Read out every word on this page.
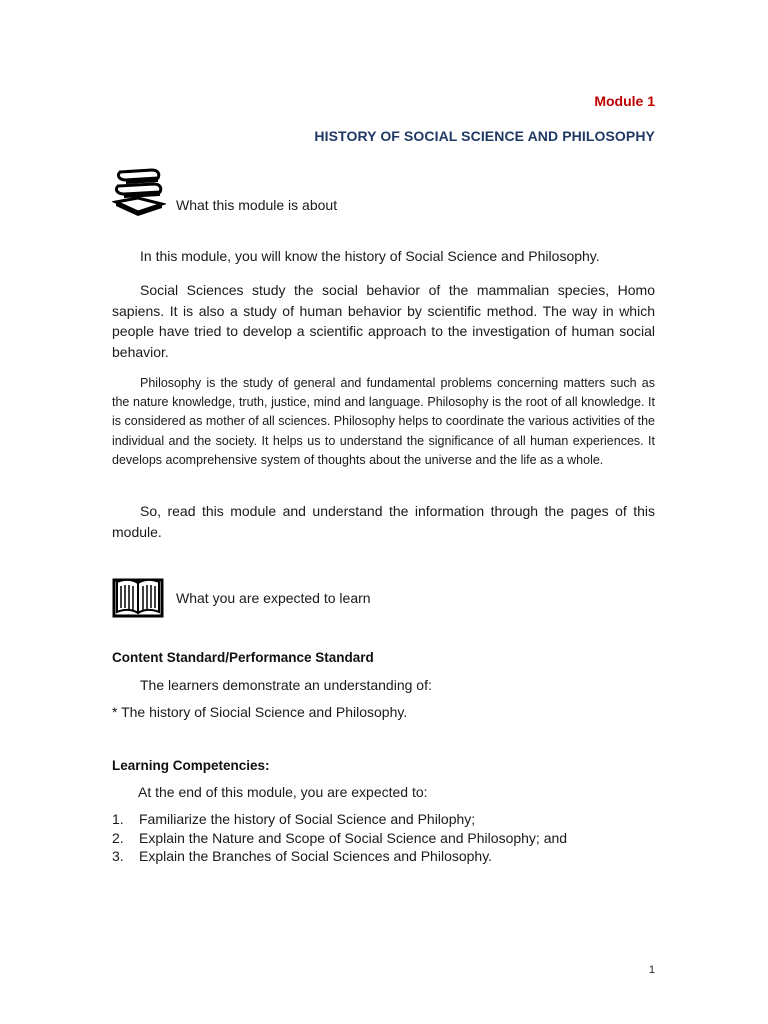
Module 1
HISTORY OF SOCIAL SCIENCE AND PHILOSOPHY
What this module is about
In this module, you will know the history of Social Science and Philosophy.
Social Sciences study the social behavior of the mammalian species, Homo sapiens. It is also a study of human behavior by scientific method. The way in which people have tried to develop a scientific approach to the investigation of human social behavior.
Philosophy is the study of general and fundamental problems concerning matters such as the nature knowledge, truth, justice, mind and language. Philosophy is the root of all knowledge. It is considered as mother of all sciences. Philosophy helps to coordinate the various activities of the individual and the society. It helps us to understand the significance of all human experiences. It develops acomprehensive system of thoughts about the universe and the life as a whole.
So, read this module and understand the information through the pages of this module.
What you are expected to learn
Content Standard/Performance Standard
The learners demonstrate an understanding of:
* The history of Siocial Science and Philosophy.
Learning Competencies:
At the end of this module, you are expected to:
1.	Familiarize the history of Social Science and Philophy;
2.	Explain the Nature and Scope of Social Science and Philosophy; and
3.	Explain the Branches of Social Sciences and Philosophy.
1
